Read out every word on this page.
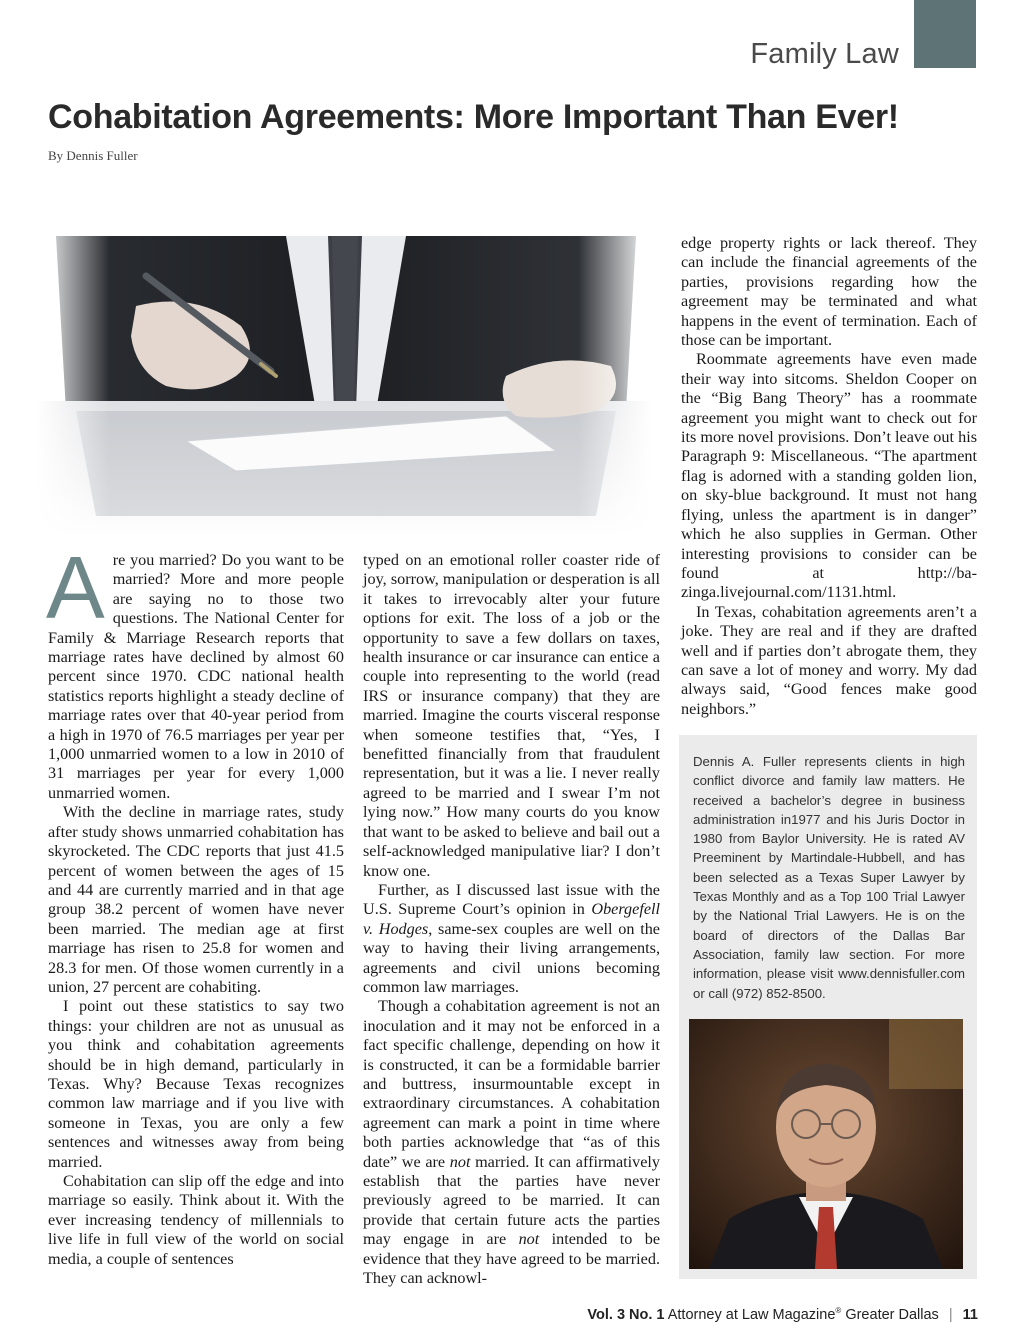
Family Law
Cohabitation Agreements: More Important Than Ever!
By Dennis Fuller

Are you married? Do you want to be married? More and more people are saying no to those two questions. The National Center for Family & Marriage Research reports that marriage rates have declined by almost 60 percent since 1970. CDC national health statistics reports highlight a steady decline of marriage rates over that 40-year period from a high in 1970 of 76.5 marriages per year per 1,000 unmarried women to a low in 2010 of 31 marriages per year for every 1,000 unmarried women.

With the decline in marriage rates, study after study shows unmarried cohabitation has skyrocketed. The CDC reports that just 41.5 percent of women between the ages of 15 and 44 are currently married and in that age group 38.2 percent of women have never been married. The median age at first marriage has risen to 25.8 for women and 28.3 for men. Of those women currently in a union, 27 percent are cohabiting.

I point out these statistics to say two things: your children are not as unusual as you think and cohabitation agreements should be in high demand, particularly in Texas. Why? Because Texas recognizes common law marriage and if you live with someone in Texas, you are only a few sentences and witnesses away from being married.

Cohabitation can slip off the edge and into marriage so easily. Think about it. With the ever increasing tendency of millennials to live life in full view of the world on social media, a couple of sentences

typed on an emotional roller coaster ride of joy, sorrow, manipulation or desperation is all it takes to irrevocably alter your future options for exit. The loss of a job or the opportunity to save a few dollars on taxes, health insurance or car insurance can entice a couple into representing to the world (read IRS or insurance company) that they are married. Imagine the courts visceral response when someone testifies that, “Yes, I benefitted financially from that fraudulent representation, but it was a lie. I never really agreed to be married and I swear I’m not lying now.” How many courts do you know that want to be asked to believe and bail out a self-acknowledged manipulative liar? I don’t know one.

Further, as I discussed last issue with the U.S. Supreme Court’s opinion in Obergefell v. Hodges, same-sex couples are well on the way to having their living arrangements, agreements and civil unions becoming common law marriages.

Though a cohabitation agreement is not an inoculation and it may not be enforced in a fact specific challenge, depending on how it is constructed, it can be a formidable barrier and buttress, insurmountable except in extraordinary circumstances. A cohabitation agreement can mark a point in time where both parties acknowledge that “as of this date” we are not married. It can affirmatively establish that the parties have never previously agreed to be married. It can provide that certain future acts the parties may engage in are not intended to be evidence that they have agreed to be married. They can acknowl-

edge property rights or lack thereof. They can include the financial agreements of the parties, provisions regarding how the agreement may be terminated and what happens in the event of termination. Each of those can be important.

Roommate agreements have even made their way into sitcoms. Sheldon Cooper on the “Big Bang Theory” has a roommate agreement you might want to check out for its more novel provisions. Don’t leave out his Paragraph 9: Miscellaneous. “The apartment flag is adorned with a standing golden lion, on sky-blue background. It must not hang flying, unless the apartment is in danger” which he also supplies in German. Other interesting provisions to consider can be found at http://ba-zinga.livejournal.com/1131.html.

In Texas, cohabitation agreements aren’t a joke. They are real and if they are drafted well and if parties don’t abrogate them, they can save a lot of money and worry. My dad always said, “Good fences make good neighbors.”

Dennis A. Fuller represents clients in high conflict divorce and family law matters. He received a bachelor’s degree in business administration in1977 and his Juris Doctor in 1980 from Baylor University. He is rated AV Preeminent by Martindale-Hubbell, and has been selected as a Texas Super Lawyer by Texas Monthly and as a Top 100 Trial Lawyer by the National Trial Lawyers. He is on the board of directors of the Dallas Bar Association, family law section. For more information, please visit www.dennisfuller.com or call (972) 852-8500.
Vol. 3 No. 1 Attorney at Law Magazine® Greater Dallas | 11
